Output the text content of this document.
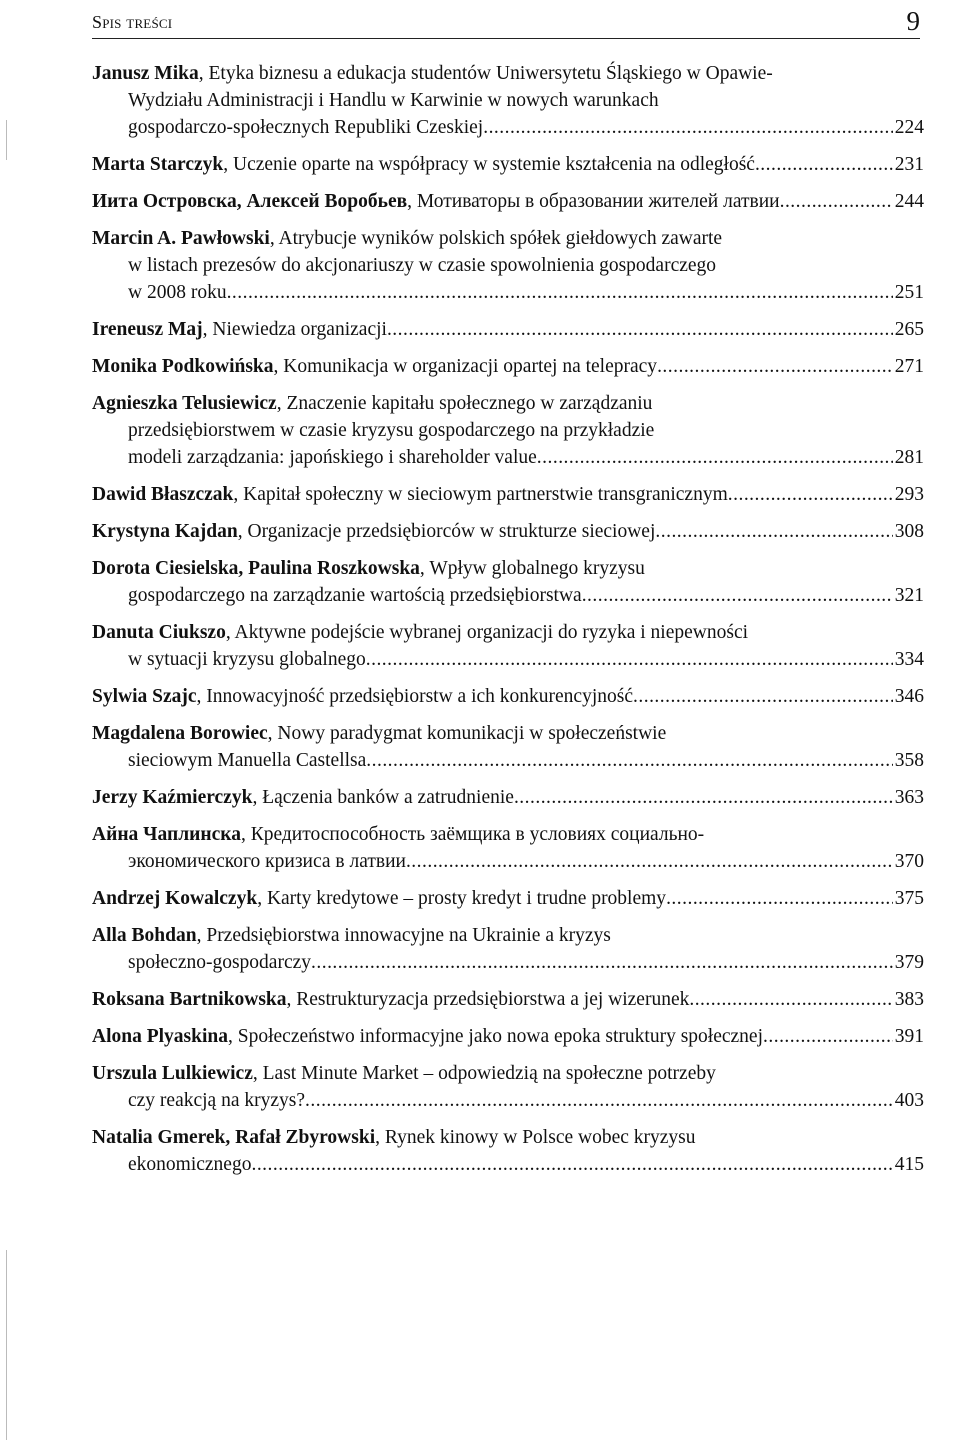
Spis treści	9
Janusz Mika, Etyka biznesu a edukacja studentów Uniwersytetu Śląskiego w Opawie-
Wydziału Administracji i Handlu w Karwinie w nowych warunkach
gospodarczo-społecznych Republiki Czeskiej . . .	224
Marta Starczyk, Uczenie oparte na współpracy w systemie kształcenia na odległość . . .	231
Иита Островска, Алексей Воробьев, Мотиваторы в образовании жителей латвии . . .	244
Marcin A. Pawłowski, Atrybucje wyników polskich spółek giełdowych zawarte
w listach prezesów do akcjonariuszy w czasie spowolnienia gospodarczego
w 2008 roku . . .	251
Ireneusz Maj, Niewiedza organizacji . . .	265
Monika Podkowińska, Komunikacja w organizacji opartej na telepracy . . .	271
Agnieszka Telusiewicz, Znaczenie kapitału społecznego w zarządzaniu
przedsiębiorstwem w czasie kryzysu gospodarczego na przykładzie
modeli zarządzania: japońskiego i shareholder value . . .	281
Dawid Błaszczak, Kapitał społeczny w sieciowym partnerstwie transgranicznym . . .	293
Krystyna Kajdan, Organizacje przedsiębiorców w strukturze sieciowej . . .	308
Dorota Ciesielska, Paulina Roszkowska, Wpływ globalnego kryzysu
gospodarczego na zarządzanie wartością przedsiębiorstwa . . .	321
Danuta Ciukszo, Aktywne podejście wybranej organizacji do ryzyka i niepewności
w sytuacji kryzysu globalnego . . .	334
Sylwia Szajc, Innowacyjność przedsiębiorstw a ich konkurencyjność . . .	346
Magdalena Borowiec, Nowy paradygmat komunikacji w społeczeństwie
sieciowym Manuella Castellsa . . .	358
Jerzy Kaźmierczyk, Łączenia banków a zatrudnienie . . .	363
Айна Чаплинска, Кредитоспособность заёмщика в условиях социально-
экономического кризиса в латвии . . .	370
Andrzej Kowalczyk, Karty kredytowe – prosty kredyt i trudne problemy . . .	375
Alla Bohdan, Przedsiębiorstwa innowacyjne na Ukrainie a kryzys
społeczno-gospodarczy . . .	379
Roksana Bartnikowska, Restrukturyzacja przedsiębiorstwa a jej wizerunek . . .	383
Alona Plyaskina, Społeczeństwo informacyjne jako nowa epoka struktury społecznej . . .	391
Urszula Lulkiewicz, Last Minute Market – odpowiedzią na społeczne potrzeby
czy reakcją na kryzys? . . .	403
Natalia Gmerek, Rafał Zbyrowski, Rynek kinowy w Polsce wobec kryzysu
ekonomicznego . . .	415
